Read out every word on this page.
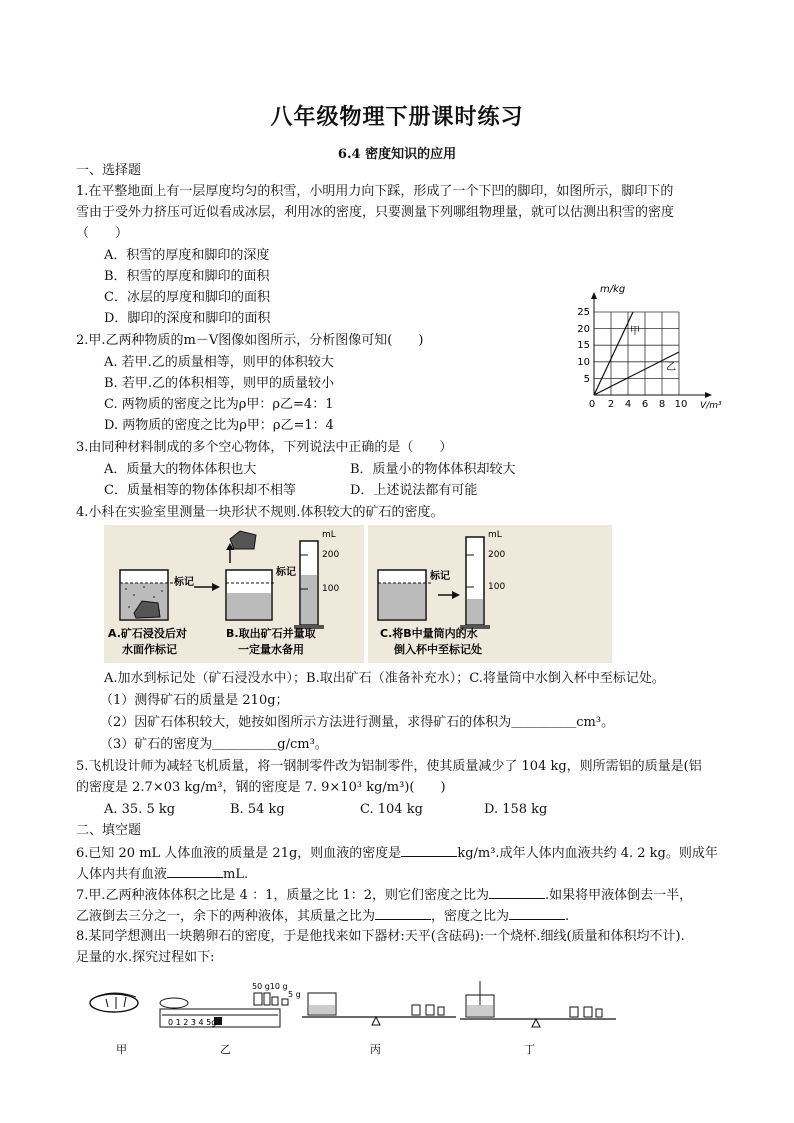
八年级物理下册课时练习
6.4 密度知识的应用
一、选择题
1.在平整地面上有一层厚度均匀的积雪，小明用力向下踩，形成了一个下凹的脚印，如图所示，脚印下的
雪由于受外力挤压可近似看成冰层，利用冰的密度，只要测量下列哪组物理量，就可以估测出积雪的密度
（　　）
A．积雪的厚度和脚印的深度
B．积雪的厚度和脚印的面积
C．冰层的厚度和脚印的面积
D．脚印的深度和脚印的面积
2.甲.乙两种物质的m－V图像如图所示，分析图像可知(　　)
A. 若甲.乙的质量相等，则甲的体积较大
B. 若甲.乙的体积相等，则甲的质量较小
C. 两物质的密度之比为ρ甲：ρ乙=4：1
D. 两物质的密度之比为ρ甲：ρ乙=1：4
m/kg
甲
乙
25
20
15
10
5
0 2 4 6 8 10 V/m³
3.由同种材料制成的多个空心物体，下列说法中正确的是（　　）
A．质量大的物体体积也大	B．质量小的物体体积却较大
C．质量相等的物体体积却不相等	D．上述说法都有可能
4.小科在实验室里测量一块形状不规则.体积较大的矿石的密度。
标记
A.矿石浸没后对
水面作标记
标记
mL
200
100
B.取出矿石并量取
一定量水备用
标记
mL
200
100
C.将B中量筒内的水
倒入杯中至标记处
A.加水到标记处（矿石浸没水中）；B.取出矿石（准备补充水）；C.将量筒中水倒入杯中至标记处。
（1）测得矿石的质量是 210g；
（2）因矿石体积较大，她按如图所示方法进行测量，求得矿石的体积为＿＿＿＿＿cm³。
（3）矿石的密度为＿＿＿＿＿g/cm³。
5.飞机设计师为减轻飞机质量，将一钢制零件改为铝制零件，使其质量减少了 104 kg，则所需铝的质量是(铝
的密度是 2.7×03 kg/m³，钢的密度是 7. 9×10³ kg/m³)(　　)
A. 35. 5 kg	B. 54 kg	C. 104 kg	D. 158 kg
二、填空题
6.已知 20 mL 人体血液的质量是 21g，则血液的密度是	kg/m³.成年人体内血液共约 4. 2 kg。则成年
人体内共有血液	mL.
7.甲.乙两种液体体积之比是 4 ：1，质量之比 1：2，则它们密度之比为	.如果将甲液体倒去一半，
乙液倒去三分之一，余下的两种液体，其质量之比为	，密度之比为	.
8.某同学想测出一块鹅卵石的密度，于是他找来如下器材:天平(含砝码):一个烧杯.细线(质量和体积均不计).
足量的水.探究过程如下:
50 g10 g
5 g
0 1 2 3 4 5g
甲	乙	丙	丁
